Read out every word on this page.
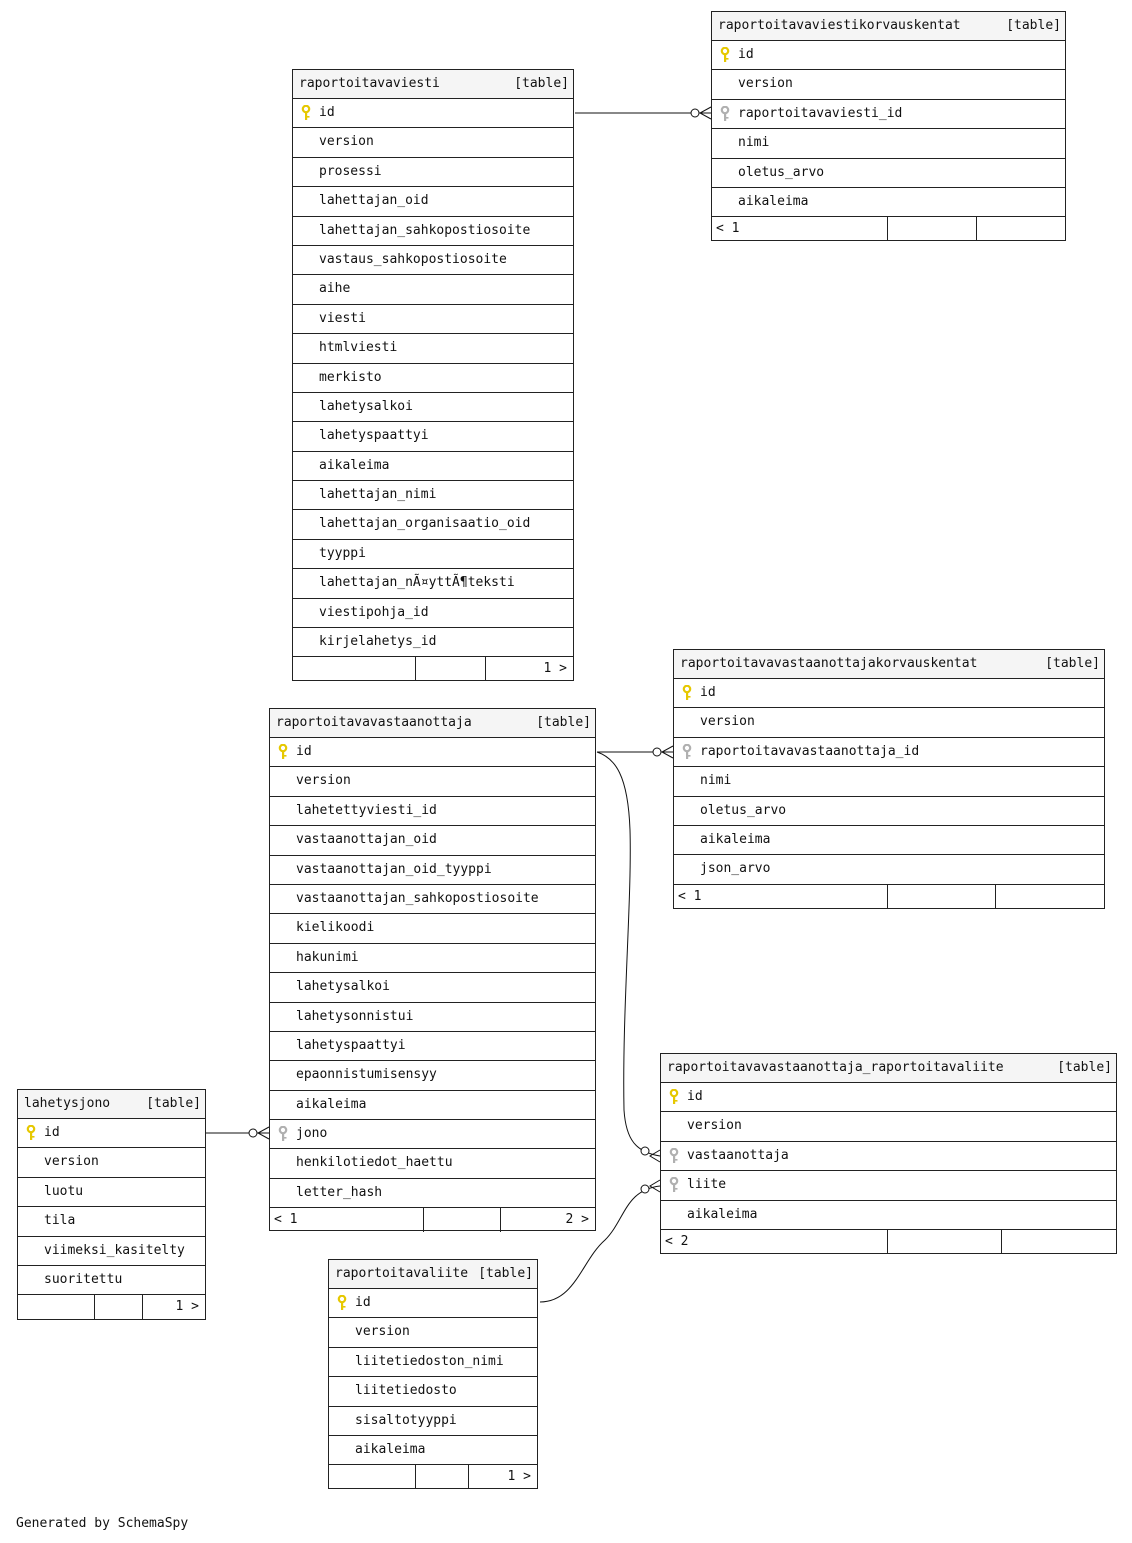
raportoitavaviesti	[table]
id
version
prosessi
lahettajan_oid
lahettajan_sahkopostiosoite
vastaus_sahkopostiosoite
aihe
viesti
htmlviesti
merkisto
lahetysalkoi
lahetyspaattyi
aikaleima
lahettajan_nimi
lahettajan_organisaatio_oid
tyyppi
lahettajan_nÃ¤yttÃ¶teksti
viestipohja_id
kirjelahetys_id
1 >
raportoitavaviestikorvauskentat	[table]
id
version
raportoitavaviesti_id
nimi
oletus_arvo
aikaleima
< 1
raportoitavavastaanottaja	[table]
id
version
lahetettyviesti_id
vastaanottajan_oid
vastaanottajan_oid_tyyppi
vastaanottajan_sahkopostiosoite
kielikoodi
hakunimi
lahetysalkoi
lahetysonnistui
lahetyspaattyi
epaonnistumisensyy
aikaleima
jono
henkilotiedot_haettu
letter_hash
< 1	2 >
raportoitavavastaanottajakorvauskentat	[table]
id
version
raportoitavavastaanottaja_id
nimi
oletus_arvo
aikaleima
json_arvo
< 1
raportoitavavastaanottaja_raportoitavaliite	[table]
id
version
vastaanottaja
liite
aikaleima
< 2
lahetysjono	[table]
id
version
luotu
tila
viimeksi_kasitelty
suoritettu
1 >
raportoitavaliite [table]
id
version
liitetiedoston_nimi
liitetiedosto
sisaltotyyppi
aikaleima
1 >
Generated by SchemaSpy
